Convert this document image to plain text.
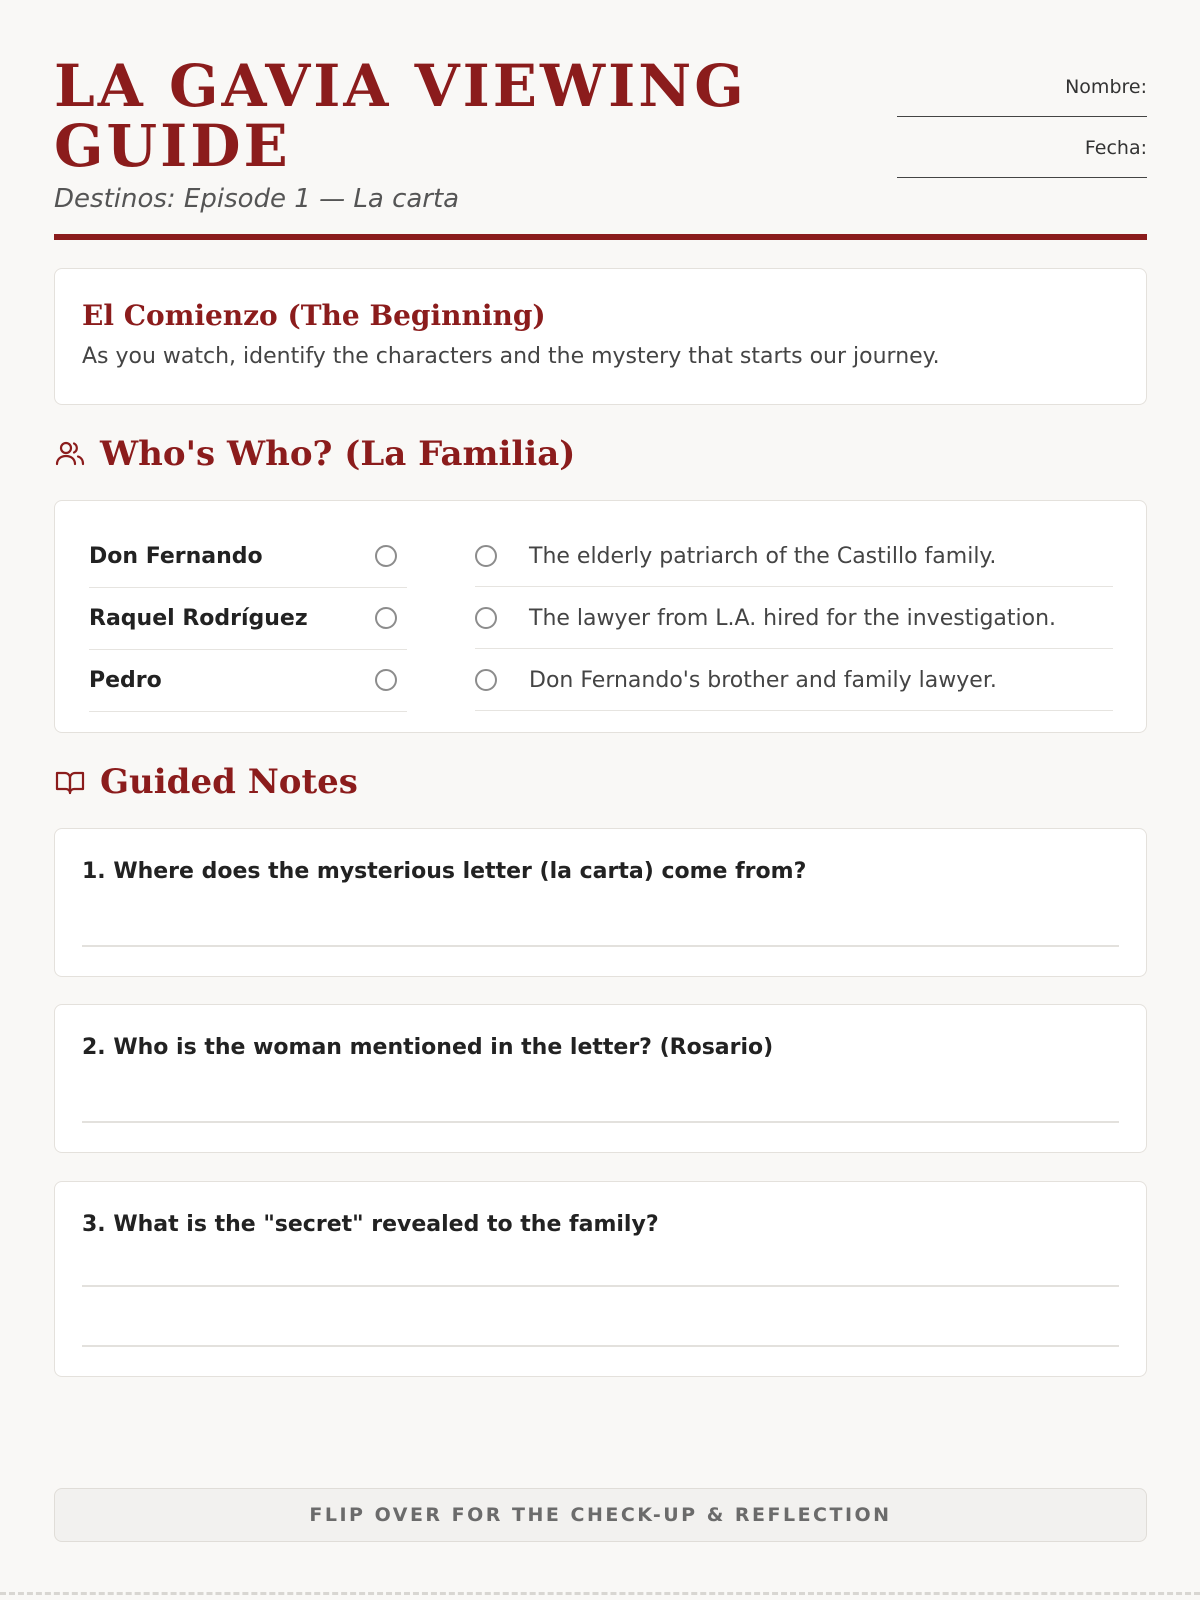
LA GAVIA VIEWING GUIDE

Destinos: Episode 1 — La carta

Nombre:
Fecha:
El Comienzo (The Beginning)

As you watch, identify the characters and the mystery that starts our journey.

Who's Who? (La Familia)
Don Fernando	The elderly patriarch of the Castillo family.
Raquel Rodríguez	The lawyer from L.A. hired for the investigation.
Pedro	Don Fernando's brother and family lawyer.
Guided Notes

1. Where does the mysterious letter (la carta) come from?

2. Who is the woman mentioned in the letter? (Rosario)

3. What is the "secret" revealed to the family?

FLIP OVER FOR THE CHECK-UP & REFLECTION
